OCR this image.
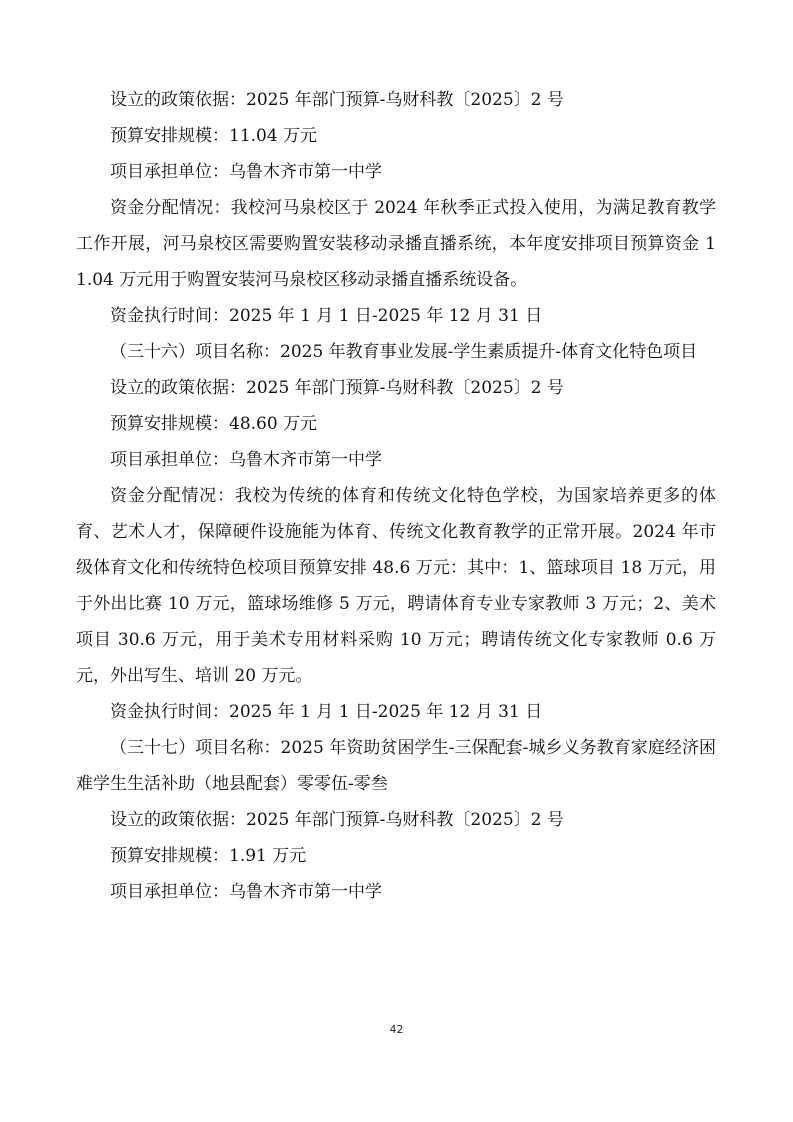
设立的政策依据：2025 年部门预算-乌财科教〔2025〕2 号

预算安排规模：11.04 万元

项目承担单位：乌鲁木齐市第一中学

资金分配情况：我校河马泉校区于 2024 年秋季正式投入使用，为满足教育教学工作开展，河马泉校区需要购置安装移动录播直播系统，本年度安排项目预算资金 11.04 万元用于购置安装河马泉校区移动录播直播系统设备。

资金执行时间：2025 年 1 月 1 日-2025 年 12 月 31 日

（三十六）项目名称：2025 年教育事业发展-学生素质提升-体育文化特色项目

设立的政策依据：2025 年部门预算-乌财科教〔2025〕2 号

预算安排规模：48.60 万元

项目承担单位：乌鲁木齐市第一中学

资金分配情况：我校为传统的体育和传统文化特色学校，为国家培养更多的体育、艺术人才，保障硬件设施能为体育、传统文化教育教学的正常开展。2024 年市级体育文化和传统特色校项目预算安排 48.6 万元：其中：1、篮球项目 18 万元，用于外出比赛 10 万元，篮球场维修 5 万元，聘请体育专业专家教师 3 万元；2、美术项目 30.6 万元，用于美术专用材料采购 10 万元；聘请传统文化专家教师 0.6 万元，外出写生、培训 20 万元。

资金执行时间：2025 年 1 月 1 日-2025 年 12 月 31 日

（三十七）项目名称：2025 年资助贫困学生-三保配套-城乡义务教育家庭经济困难学生生活补助（地县配套）零零伍-零叁

设立的政策依据：2025 年部门预算-乌财科教〔2025〕2 号

预算安排规模：1.91 万元

项目承担单位：乌鲁木齐市第一中学

42
